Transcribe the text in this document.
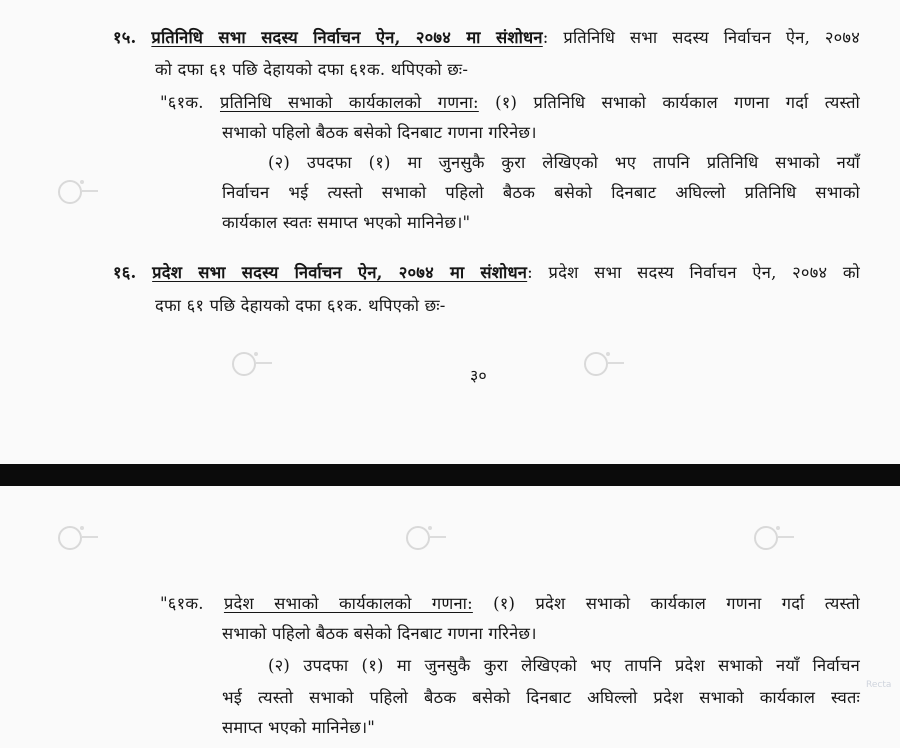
१५. प्रतिनिधि सभा सदस्य निर्वाचन ऐन, २०७४ मा संशोधन: प्रतिनिधि सभा सदस्य निर्वाचन ऐन, २०७४
को दफा ६१ पछि देहायको दफा ६१क. थपिएको छः-
"६१क. प्रतिनिधि सभाको कार्यकालको गणना: (१) प्रतिनिधि सभाको कार्यकाल गणना गर्दा त्यस्तो
सभाको पहिलो बैठक बसेको दिनबाट गणना गरिनेछ।
(२) उपदफा (१) मा जुनसुकै कुरा लेखिएको भए तापनि प्रतिनिधि सभाको नयाँ
निर्वाचन भई त्यस्तो सभाको पहिलो बैठक बसेको दिनबाट अघिल्लो प्रतिनिधि सभाको
कार्यकाल स्वतः समाप्त भएको मानिनेछ।"
१६. प्रदेश सभा सदस्य निर्वाचन ऐन, २०७४ मा संशोधन: प्रदेश सभा सदस्य निर्वाचन ऐन, २०७४ को
दफा ६१ पछि देहायको दफा ६१क. थपिएको छः-
३०
"६१क. प्रदेश सभाको कार्यकालको गणना: (१) प्रदेश सभाको कार्यकाल गणना गर्दा त्यस्तो
सभाको पहिलो बैठक बसेको दिनबाट गणना गरिनेछ।
(२) उपदफा (१) मा जुनसुकै कुरा लेखिएको भए तापनि प्रदेश सभाको नयाँ निर्वाचन
भई त्यस्तो सभाको पहिलो बैठक बसेको दिनबाट अघिल्लो प्रदेश सभाको कार्यकाल स्वतः
समाप्त भएको मानिनेछ।"
Recta
